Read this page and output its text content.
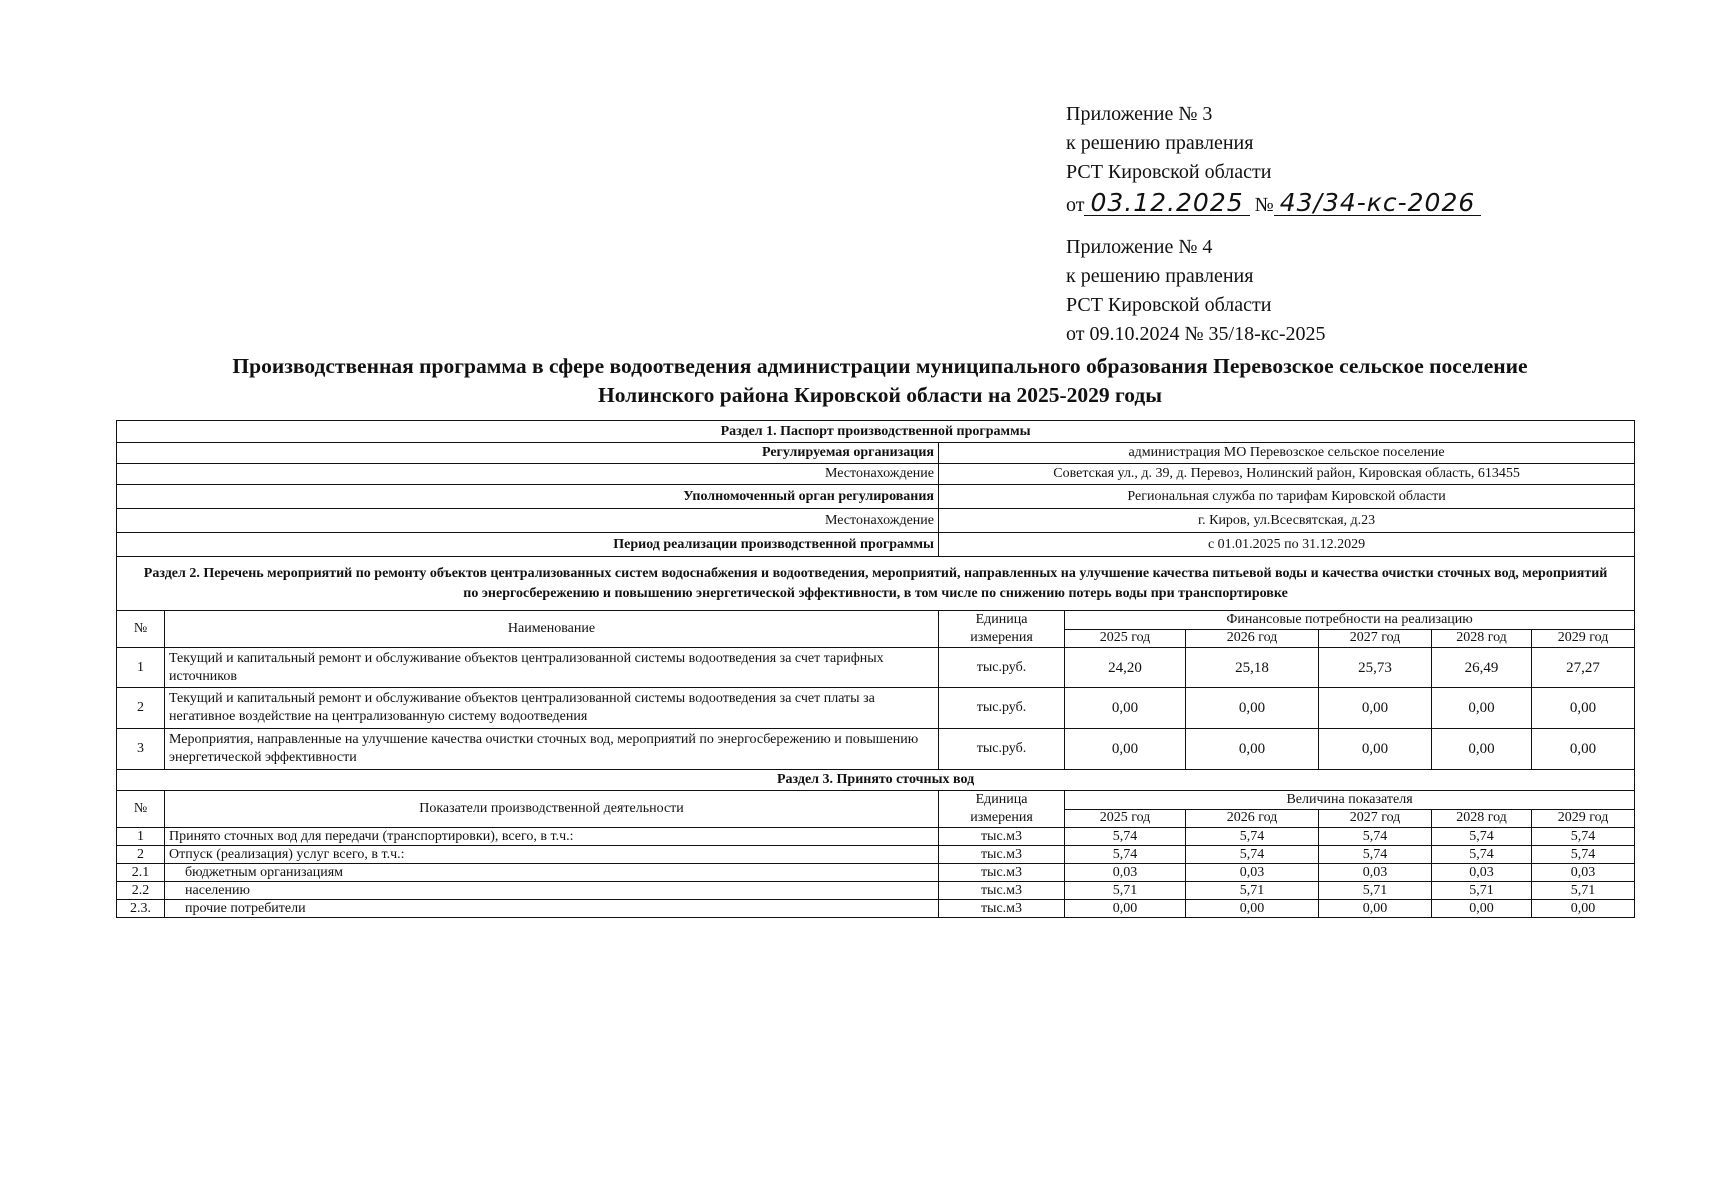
Приложение № 3
к решению правления
РСТ Кировской области
от 03.12.2025 № 43/34-кс-2026
Приложение № 4
к решению правления
РСТ Кировской области
от 09.10.2024 № 35/18-кс-2025
Производственная программа в сфере водоотведения администрации муниципального образования Перевозское сельское поселение
Нолинского района Кировской области на 2025-2029 годы
Раздел 1. Паспорт производственной программы							
Регулируемая организация		администрация МО Перевозское сельское поселение					
Местонахождение		Советская ул., д. 39, д. Перевоз, Нолинский район, Кировская область, 613455					
Уполномоченный орган регулирования		Региональная служба по тарифам Кировской области					
Местонахождение		г. Киров, ул.Всесвятская, д.23					
Период реализации производственной программы		с 01.01.2025 по 31.12.2029					
Раздел 2. Перечень мероприятий по ремонту объектов централизованных систем водоснабжения и водоотведения, мероприятий, направленных на улучшение качества питьевой воды и качества очистки сточных вод, мероприятий по энергосбережению и повышению энергетической эффективности, в том числе по снижению потерь воды при транспортировке							
№	Наименование	Единица измерения	Финансовые потребности на реализацию				
			2025 год	2026 год	2027 год	2028 год	2029 год
1	Текущий и капитальный ремонт и обслуживание объектов централизованной системы водоотведения за счет тарифных источников	тыс.руб.	24,20	25,18	25,73	26,49	27,27
2	Текущий и капитальный ремонт и обслуживание объектов централизованной системы водоотведения за счет платы за негативное воздействие на централизованную систему водоотведения	тыс.руб.	0,00	0,00	0,00	0,00	0,00
3	Мероприятия, направленные на улучшение качества очистки сточных вод, мероприятий по энергосбережению и повышению энергетической эффективности	тыс.руб.	0,00	0,00	0,00	0,00	0,00
Раздел 3. Принято сточных вод							
№	Показатели производственной деятельности	Единица измерения	Величина показателя				
			2025 год	2026 год	2027 год	2028 год	2029 год
1	Принято сточных вод для передачи (транспортировки), всего, в т.ч.:	тыс.м3	5,74	5,74	5,74	5,74	5,74
2	Отпуск (реализация) услуг всего, в т.ч.:	тыс.м3	5,74	5,74	5,74	5,74	5,74
2.1	бюджетным организациям	тыс.м3	0,03	0,03	0,03	0,03	0,03
2.2	населению	тыс.м3	5,71	5,71	5,71	5,71	5,71
2.3.	прочие потребители	тыс.м3	0,00	0,00	0,00	0,00	0,00
